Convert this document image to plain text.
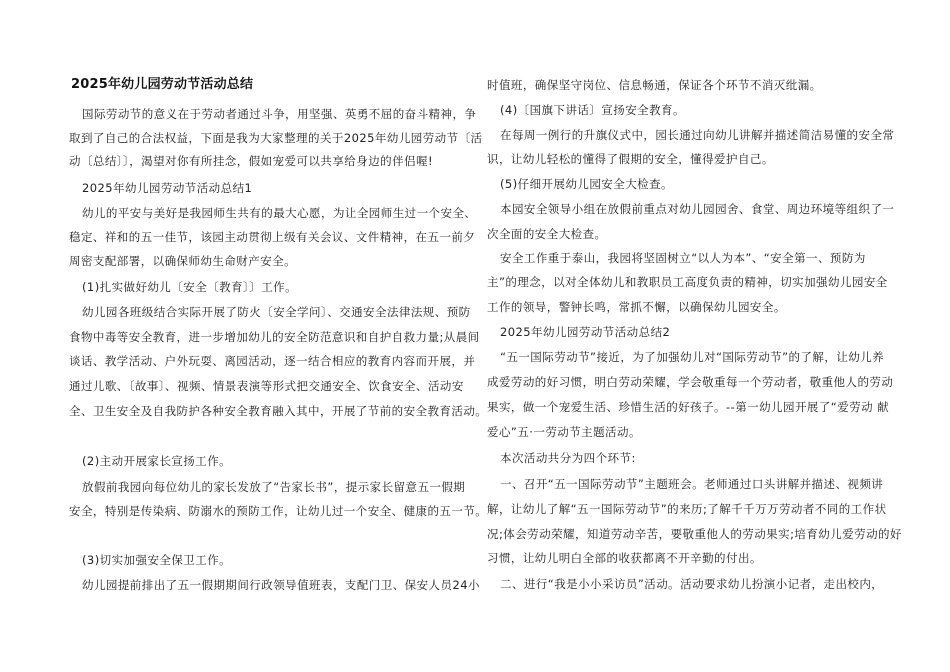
2025年幼儿园劳动节活动总结
国际劳动节的意义在于劳动者通过斗争，用坚强、英勇不屈的奋斗精神，争
取到了自己的合法权益，下面是我为大家整理的关于2025年幼儿园劳动节〔活
动〔总结〕〕，渴望对你有所挂念，假如宠爱可以共享给身边的伴侣喔!
2025年幼儿园劳动节活动总结1
幼儿的平安与美好是我园师生共有的最大心愿，为让全园师生过一个安全、
稳定、祥和的五一佳节，该园主动贯彻上级有关会议、文件精神，在五一前夕
周密支配部署，以确保师幼生命财产安全。
(1)扎实做好幼儿〔安全〔教育〕〕工作。
幼儿园各班级结合实际开展了防火〔安全学问〕、交通安全法律法规、预防
食物中毒等安全教育，进一步增加幼儿的安全防范意识和自护自救力量;从晨间
谈话、教学活动、户外玩耍、离园活动，逐一结合相应的教育内容而开展，并
通过儿歌、〔故事〕、视频、情景表演等形式把交通安全、饮食安全、活动安
全、卫生安全及自我防护各种安全教育融入其中，开展了节前的安全教育活动。
(2)主动开展家长宣扬工作。
放假前我园向每位幼儿的家长发放了“告家长书”，提示家长留意五一假期
安全，特别是传染病、防溺水的预防工作，让幼儿过一个安全、健康的五一节。
(3)切实加强安全保卫工作。
幼儿园提前排出了五一假期期间行政领导值班表，支配门卫、保安人员24小
时值班，确保坚守岗位、信息畅通，保证各个环节不消灭纰漏。
(4)〔国旗下讲话〕宣扬安全教育。
在每周一例行的升旗仪式中，园长通过向幼儿讲解并描述简洁易懂的安全常
识，让幼儿轻松的懂得了假期的安全，懂得爱护自己。
(5)仔细开展幼儿园安全大检查。
本园安全领导小组在放假前重点对幼儿园园舍、食堂、周边环境等组织了一
次全面的安全大检查。
安全工作重于泰山，我园将坚固树立“以人为本”、“安全第一、预防为
主”的理念，以对全体幼儿和教职员工高度负责的精神，切实加强幼儿园安全
工作的领导，警钟长鸣，常抓不懈，以确保幼儿园安全。
2025年幼儿园劳动节活动总结2
“五一国际劳动节”接近，为了加强幼儿对“国际劳动节”的了解，让幼儿养
成爱劳动的好习惯，明白劳动荣耀，学会敬重每一个劳动者，敬重他人的劳动
果实，做一个宠爱生活、珍惜生活的好孩子。--第一幼儿园开展了“爱劳动 献
爱心”五·一劳动节主题活动。
本次活动共分为四个环节:
一、召开“五一国际劳动节”主题班会。老师通过口头讲解并描述、视频讲
解，让幼儿了解“五一国际劳动节”的来历;了解千千万万劳动者不同的工作状
况;体会劳动荣耀，知道劳动辛苦，要敬重他人的劳动果实;培育幼儿爱劳动的好
习惯，让幼儿明白全部的收获都离不开辛勤的付出。
二、进行“我是小小采访员”活动。活动要求幼儿扮演小记者，走出校内，
